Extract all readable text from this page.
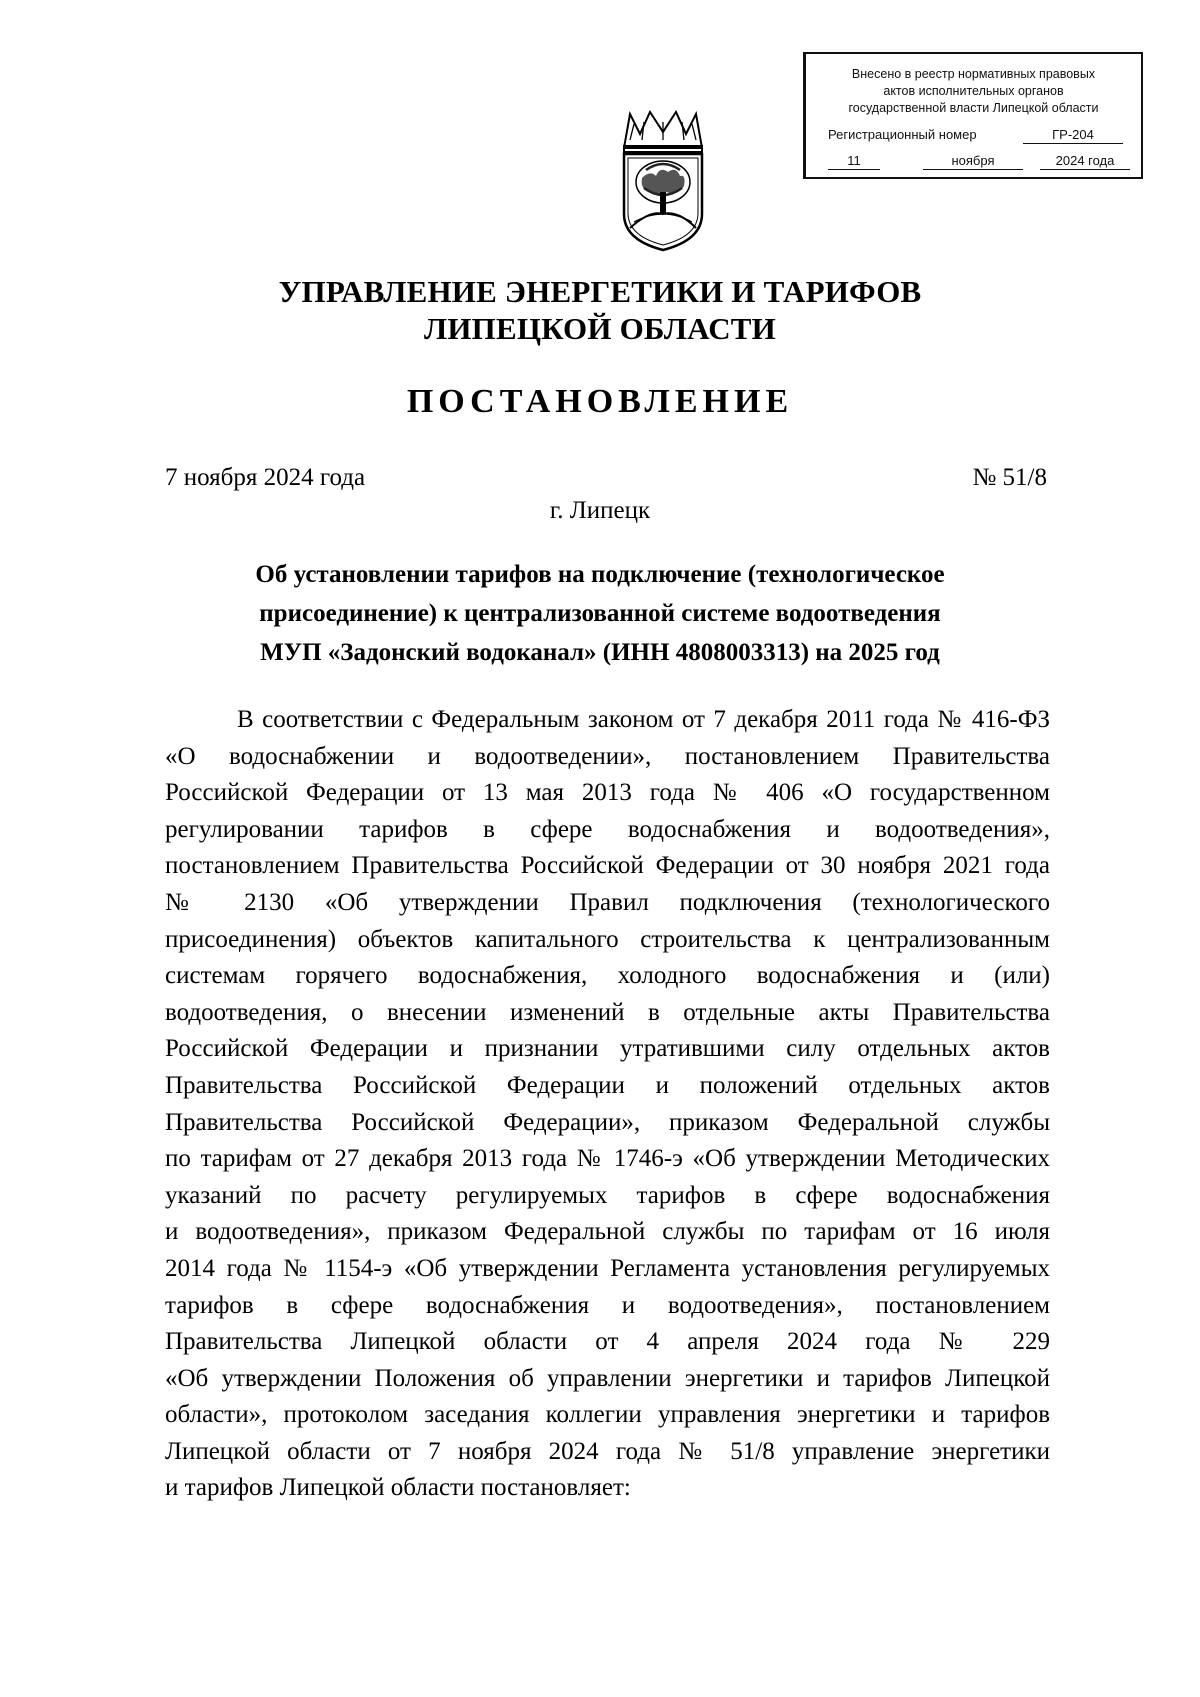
Внесено в реестр нормативных правовых
актов исполнительных органов
государственной власти Липецкой области
Регистрационный номер	ГР-204
11	ноября	2024 года
УПРАВЛЕНИЕ ЭНЕРГЕТИКИ И ТАРИФОВ
ЛИПЕЦКОЙ ОБЛАСТИ
ПОСТАНОВЛЕНИЕ
7 ноября 2024 года	№ 51/8
г. Липецк
Об установлении тарифов на подключение (технологическое
присоединение) к централизованной системе водоотведения
МУП «Задонский водоканал» (ИНН 4808003313) на 2025 год
В соответствии с Федеральным законом от 7 декабря 2011 года № 416-ФЗ
«О водоснабжении и водоотведении», постановлением Правительства
Российской Федерации от 13 мая 2013 года № 406 «О государственном
регулировании тарифов в сфере водоснабжения и водоотведения»,
постановлением Правительства Российской Федерации от 30 ноября 2021 года
№ 2130 «Об утверждении Правил подключения (технологического
присоединения) объектов капитального строительства к централизованным
системам горячего водоснабжения, холодного водоснабжения и (или)
водоотведения, о внесении изменений в отдельные акты Правительства
Российской Федерации и признании утратившими силу отдельных актов
Правительства Российской Федерации и положений отдельных актов
Правительства Российской Федерации», приказом Федеральной службы
по тарифам от 27 декабря 2013 года № 1746-э «Об утверждении Методических
указаний по расчету регулируемых тарифов в сфере водоснабжения
и водоотведения», приказом Федеральной службы по тарифам от 16 июля
2014 года № 1154-э «Об утверждении Регламента установления регулируемых
тарифов в сфере водоснабжения и водоотведения», постановлением
Правительства Липецкой области от 4 апреля 2024 года № 229
«Об утверждении Положения об управлении энергетики и тарифов Липецкой
области», протоколом заседания коллегии управления энергетики и тарифов
Липецкой области от 7 ноября 2024 года № 51/8 управление энергетики
и тарифов Липецкой области постановляет:
